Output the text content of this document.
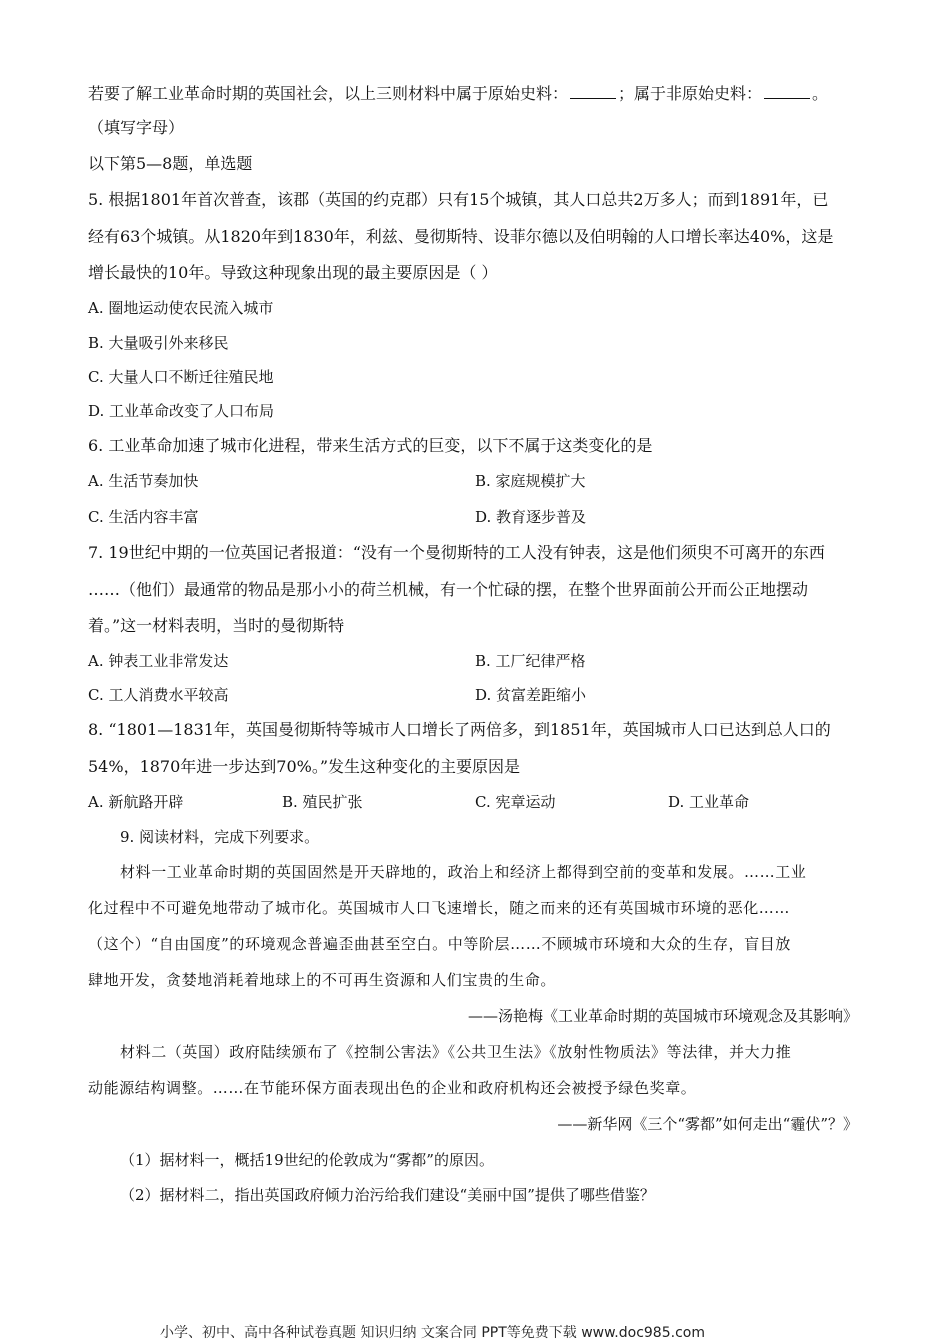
若要了解工业革命时期的英国社会，以上三则材料中属于原始史料：	；属于非原始史料：	。
（填写字母）
以下第5—8题，单选题
5. 根据1801年首次普查，该郡（英国的约克郡）只有15个城镇，其人口总共2万多人；而到1891年，已
经有63个城镇。从1820年到1830年，利兹、曼彻斯特、设菲尔德以及伯明翰的人口增长率达40%，这是
增长最快的10年。导致这种现象出现的最主要原因是（ ）
A. 圈地运动使农民流入城市
B. 大量吸引外来移民
C. 大量人口不断迁往殖民地
D. 工业革命改变了人口布局
6. 工业革命加速了城市化进程，带来生活方式的巨变，以下不属于这类变化的是
A. 生活节奏加快	B. 家庭规模扩大
C. 生活内容丰富	D. 教育逐步普及
7. 19世纪中期的一位英国记者报道：“没有一个曼彻斯特的工人没有钟表，这是他们须臾不可离开的东西
……（他们）最通常的物品是那小小的荷兰机械，有一个忙碌的摆，在整个世界面前公开而公正地摆动
着。”这一材料表明，当时的曼彻斯特
A. 钟表工业非常发达	B. 工厂纪律严格
C. 工人消费水平较高	D. 贫富差距缩小
8. “1801—1831年，英国曼彻斯特等城市人口增长了两倍多，到1851年，英国城市人口已达到总人口的
54%，1870年进一步达到70%。”发生这种变化的主要原因是
A. 新航路开辟	B. 殖民扩张	C. 宪章运动	D. 工业革命
9. 阅读材料，完成下列要求。
材料一工业革命时期的英国固然是开天辟地的，政治上和经济上都得到空前的变革和发展。……工业
化过程中不可避免地带动了城市化。英国城市人口飞速增长，随之而来的还有英国城市环境的恶化……
（这个）“自由国度”的环境观念普遍歪曲甚至空白。中等阶层……不顾城市环境和大众的生存，盲目放
肆地开发，贪婪地消耗着地球上的不可再生资源和人们宝贵的生命。
——汤艳梅《工业革命时期的英国城市环境观念及其影响》
材料二（英国）政府陆续颁布了《控制公害法》《公共卫生法》《放射性物质法》等法律，并大力推
动能源结构调整。……在节能环保方面表现出色的企业和政府机构还会被授予绿色奖章。
——新华网《三个“雾都”如何走出“霾伏”？》
（1）据材料一，概括19世纪的伦敦成为“雾都”的原因。
（2）据材料二，指出英国政府倾力治污给我们建设“美丽中国”提供了哪些借鉴？
小学、初中、高中各种试卷真题 知识归纳 文案合同 PPT等免费下载 www.doc985.com
